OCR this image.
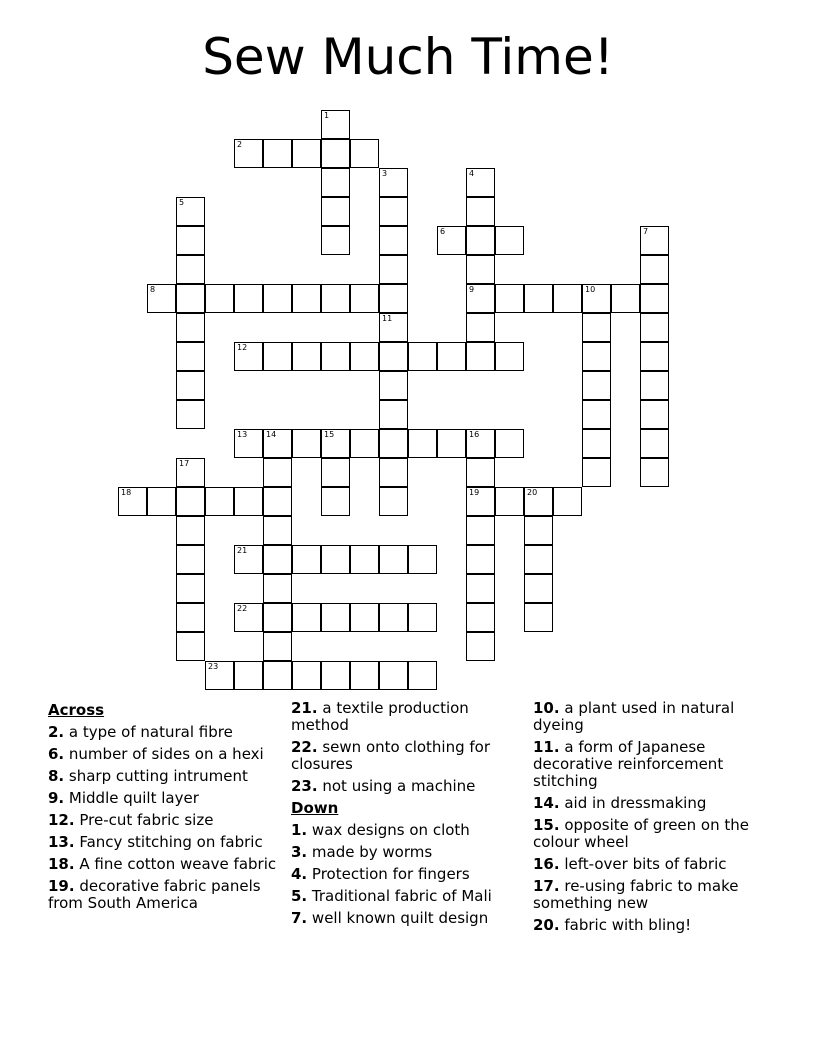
Sew Much Time!
1
2
3	4
9
5
6	7
8	10
11
12
13 14	15	16
19
17
18	20
21
22
23
Across
2. a type of natural fibre
6. number of sides on a hexi
8. sharp cutting intrument
9. Middle quilt layer
12. Pre-cut fabric size
13. Fancy stitching on fabric
18. A fine cotton weave fabric
19. decorative fabric panels from South America
21. a textile production method
22. sewn onto clothing for closures
23. not using a machine
Down
1. wax designs on cloth
3. made by worms
4. Protection for fingers
5. Traditional fabric of Mali
7. well known quilt design
10. a plant used in natural dyeing
11. a form of Japanese decorative reinforcement stitching
14. aid in dressmaking
15. opposite of green on the colour wheel
16. left-over bits of fabric
17. re-using fabric to make something new
20. fabric with bling!
